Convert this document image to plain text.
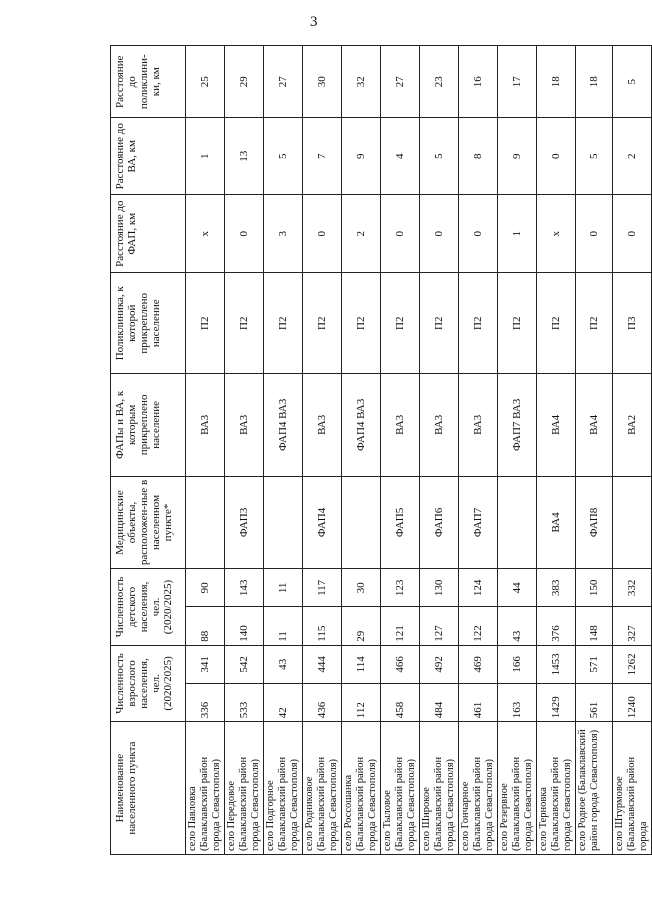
3
Наименование населенного пункта	Численность взрослого населения, чел. (2020/2025)		Численность детского населения, чел. (2020/2025)		Медицинские объекты, расположен-ные в населенном пункте*	ФАПы и ВА, к которым прикреплено население	Поликлиника, к которой прикреплено население	Расстояние до ФАП, км	Расстояние до ВА, км	Расстояние до поликлини-ки, км
село Павловка (Балаклавский район города Севастополя)	336	341	88	90		ВА3	П2	х	1	25
село Передовое (Балаклавский район города Севастополя)	533	542	140	143	ФАП3	ВА3	П2	0	13	29
село Подгорное (Балаклавский район города Севастополя)	42	43	11	11		ФАП4 ВА3	П2	3	5	27
село Родниковое (Балаклавский район города Севастополя)	436	444	115	117	ФАП4	ВА3	П2	0	7	30
село Россошанка (Балаклавский район города Севастополя)	112	114	29	30		ФАП4 ВА3	П2	2	9	32
село Тыловое (Балаклавский район города Севастополя)	458	466	121	123	ФАП5	ВА3	П2	0	4	27
село Широкое (Балаклавский район города Севастополя)	484	492	127	130	ФАП6	ВА3	П2	0	5	23
село Гончарное (Балаклавский район города Севастополя)	461	469	122	124	ФАП7	ВА3	П2	0	8	16
село Резервное (Балаклавский район города Севастополя)	163	166	43	44		ФАП7 ВА3	П2	1	9	17
село Терновка (Балаклавский район города Севастополя)	1429	1453	376	383	ВА4	ВА4	П2	х	0	18
село Родное (Балаклавский район города Севастополя)	561	571	148	150	ФАП8	ВА4	П2	0	5	18
село Штурмовое (Балаклавский район города	1240	1262	327	332		ВА2	П3	0	2	5
